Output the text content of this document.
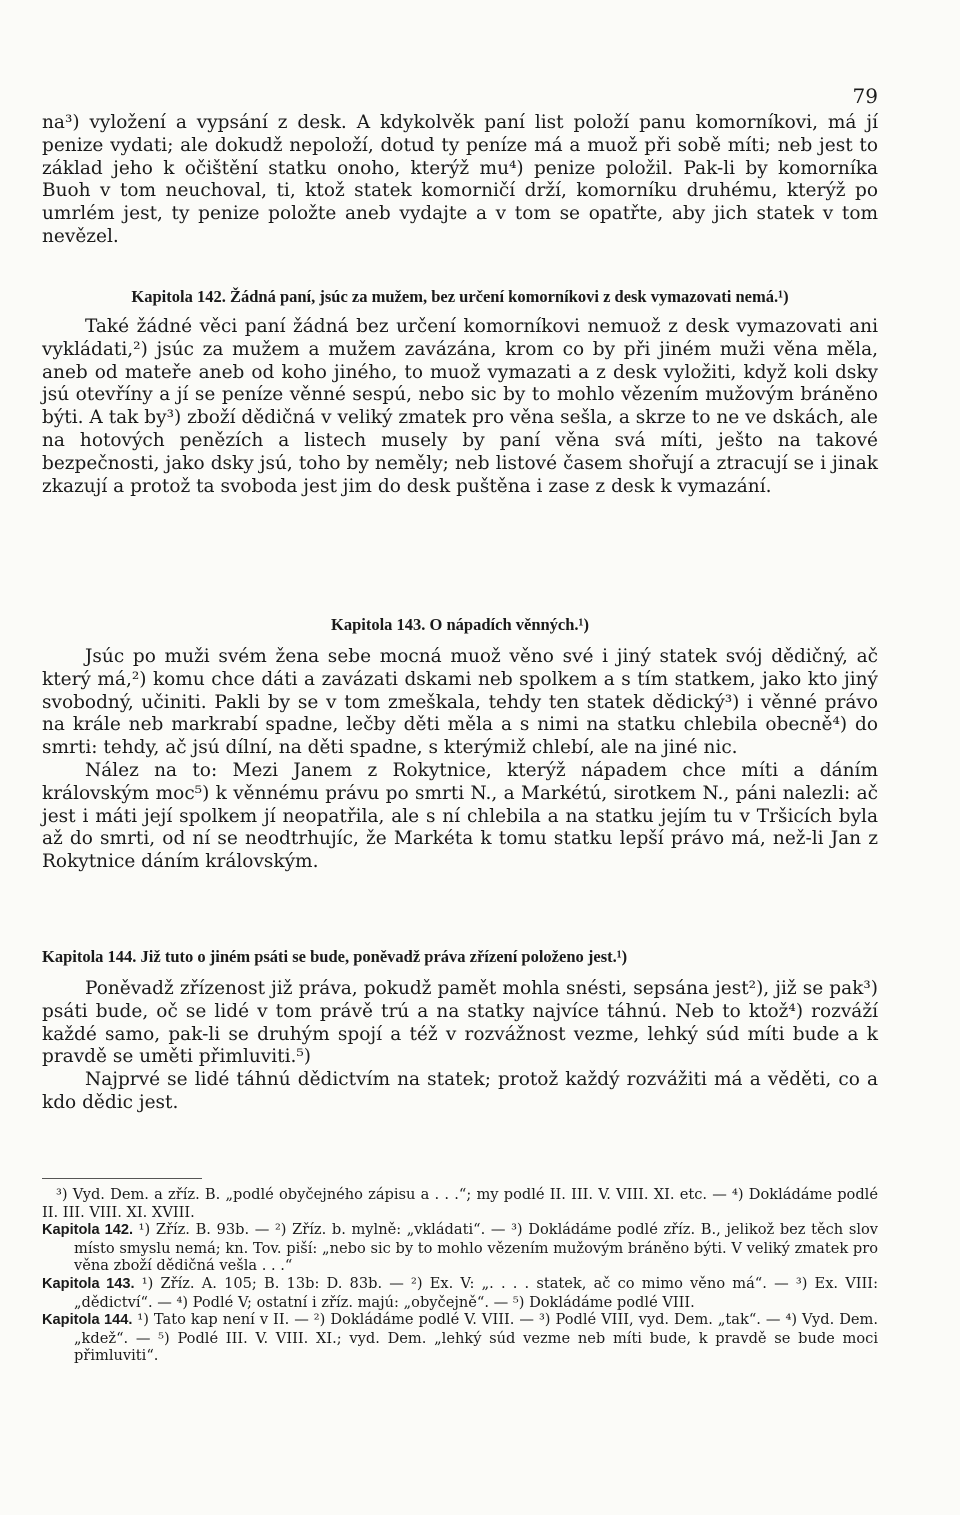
79

na³) vyložení a vypsání z desk. A kdykolvěk paní list položí panu komorníkovi, má jí penize vydati; ale dokudž nepoloží, dotud ty peníze má a muož při sobě míti; neb jest to základ jeho k očištění statku onoho, kterýž mu⁴) penize položil. Pak-li by komorníka Buoh v tom neuchoval, ti, ktož statek komorničí drží, komorníku druhému, kterýž po umrlém jest, ty penize položte aneb vydajte a v tom se opatřte, aby jich statek v tom nevězel.

Kapitola 142. Žádná paní, jsúc za mužem, bez určení komorníkovi z desk vymazovati nemá.¹)

Také žádné věci paní žádná bez určení komorníkovi nemuož z desk vymazovati ani vykládati,²) jsúc za mužem a mužem zavázána, krom co by při jiném muži věna měla, aneb od mateře aneb od koho jiného, to muož vymazati a z desk vyložiti, když koli dsky jsú otevříny a jí se peníze věnné sespú, nebo sic by to mohlo vězením mužovým bráněno býti. A tak by³) zboží dědičná v veliký zmatek pro věna sešla, a skrze to ne ve dskách, ale na hotových penězích a listech musely by paní věna svá míti, ješto na takové bezpečnosti, jako dsky jsú, toho by neměly; neb listové časem shořují a ztracují se i jinak zkazují a protož ta svoboda jest jim do desk puštěna i zase z desk k vymazání.

Kapitola 143. O nápadích věnných.¹)

Jsúc po muži svém žena sebe mocná muož věno své i jiný statek svój dědičný, ač který má,²) komu chce dáti a zavázati dskami neb spolkem a s tím statkem, jako kto jiný svobodný, učiniti. Pakli by se v tom zmeškala, tehdy ten statek dědický³) i věnné právo na krále neb markrabí spadne, lečby děti měla a s nimi na statku chlebila obecně⁴) do smrti: tehdy, ač jsú dílní, na děti spadne, s kterýmiž chlebí, ale na jiné nic.

Nález na to: Mezi Janem z Rokytnice, kterýž nápadem chce míti a dáním královským moc⁵) k věnnému právu po smrti N., a Markétú, sirotkem N., páni nalezli: ač jest i máti její spolkem jí neopatřila, ale s ní chlebila a na statku jejím tu v Tršicích byla až do smrti, od ní se neodtrhujíc, že Markéta k tomu statku lepší právo má, než-li Jan z Rokytnice dáním královským.

Kapitola 144. Již tuto o jiném psáti se bude, poněvadž práva zřízení položeno jest.¹)

Poněvadž zřízenost již práva, pokudž pamět mohla snésti, sepsána jest²), již se pak³) psáti bude, oč se lidé v tom právě trú a na statky najvíce táhnú. Neb to ktož⁴) rozváží každé samo, pak-li se druhým spojí a též v rozvážnost vezme, lehký súd míti bude a k pravdě se uměti přimluviti.⁵)

Najprvé se lidé táhnú dědictvím na statek; protož každý rozvážiti má a věděti, co a kdo dědic jest.

³) Vyd. Dem. a zříz. B. „podlé obyčejného zápisu a . . .“; my podlé II. III. V. VIII. XI. etc. — ⁴) Dokládáme podlé II. III. VIII. XI. XVIII.
Kapitola 142. ¹) Zříz. B. 93b. — ²) Zříz. b. mylně: „vkládati“. — ³) Dokládáme podlé zříz. B., jelikož bez těch slov místo smyslu nemá; kn. Tov. piší: „nebo sic by to mohlo vězením mužovým bráněno býti. V veliký zmatek pro věna zboží dědičná vešla . . .“
Kapitola 143. ¹) Zříz. A. 105; B. 13b: D. 83b. — ²) Ex. V: „. . . . statek, ač co mimo věno má“. — ³) Ex. VIII: „dědictví“. — ⁴) Podlé V; ostatní i zříz. majú: „obyčejně“. — ⁵) Dokládáme podlé VIII.
Kapitola 144. ¹) Tato kap není v II. — ²) Dokládáme podlé V. VIII. — ³) Podlé VIII, vyd. Dem. „tak“. — ⁴) Vyd. Dem. „kdež“. — ⁵) Podlé III. V. VIII. XI.; vyd. Dem. „lehký súd vezme neb míti bude, k pravdě se bude moci přimluviti“.
